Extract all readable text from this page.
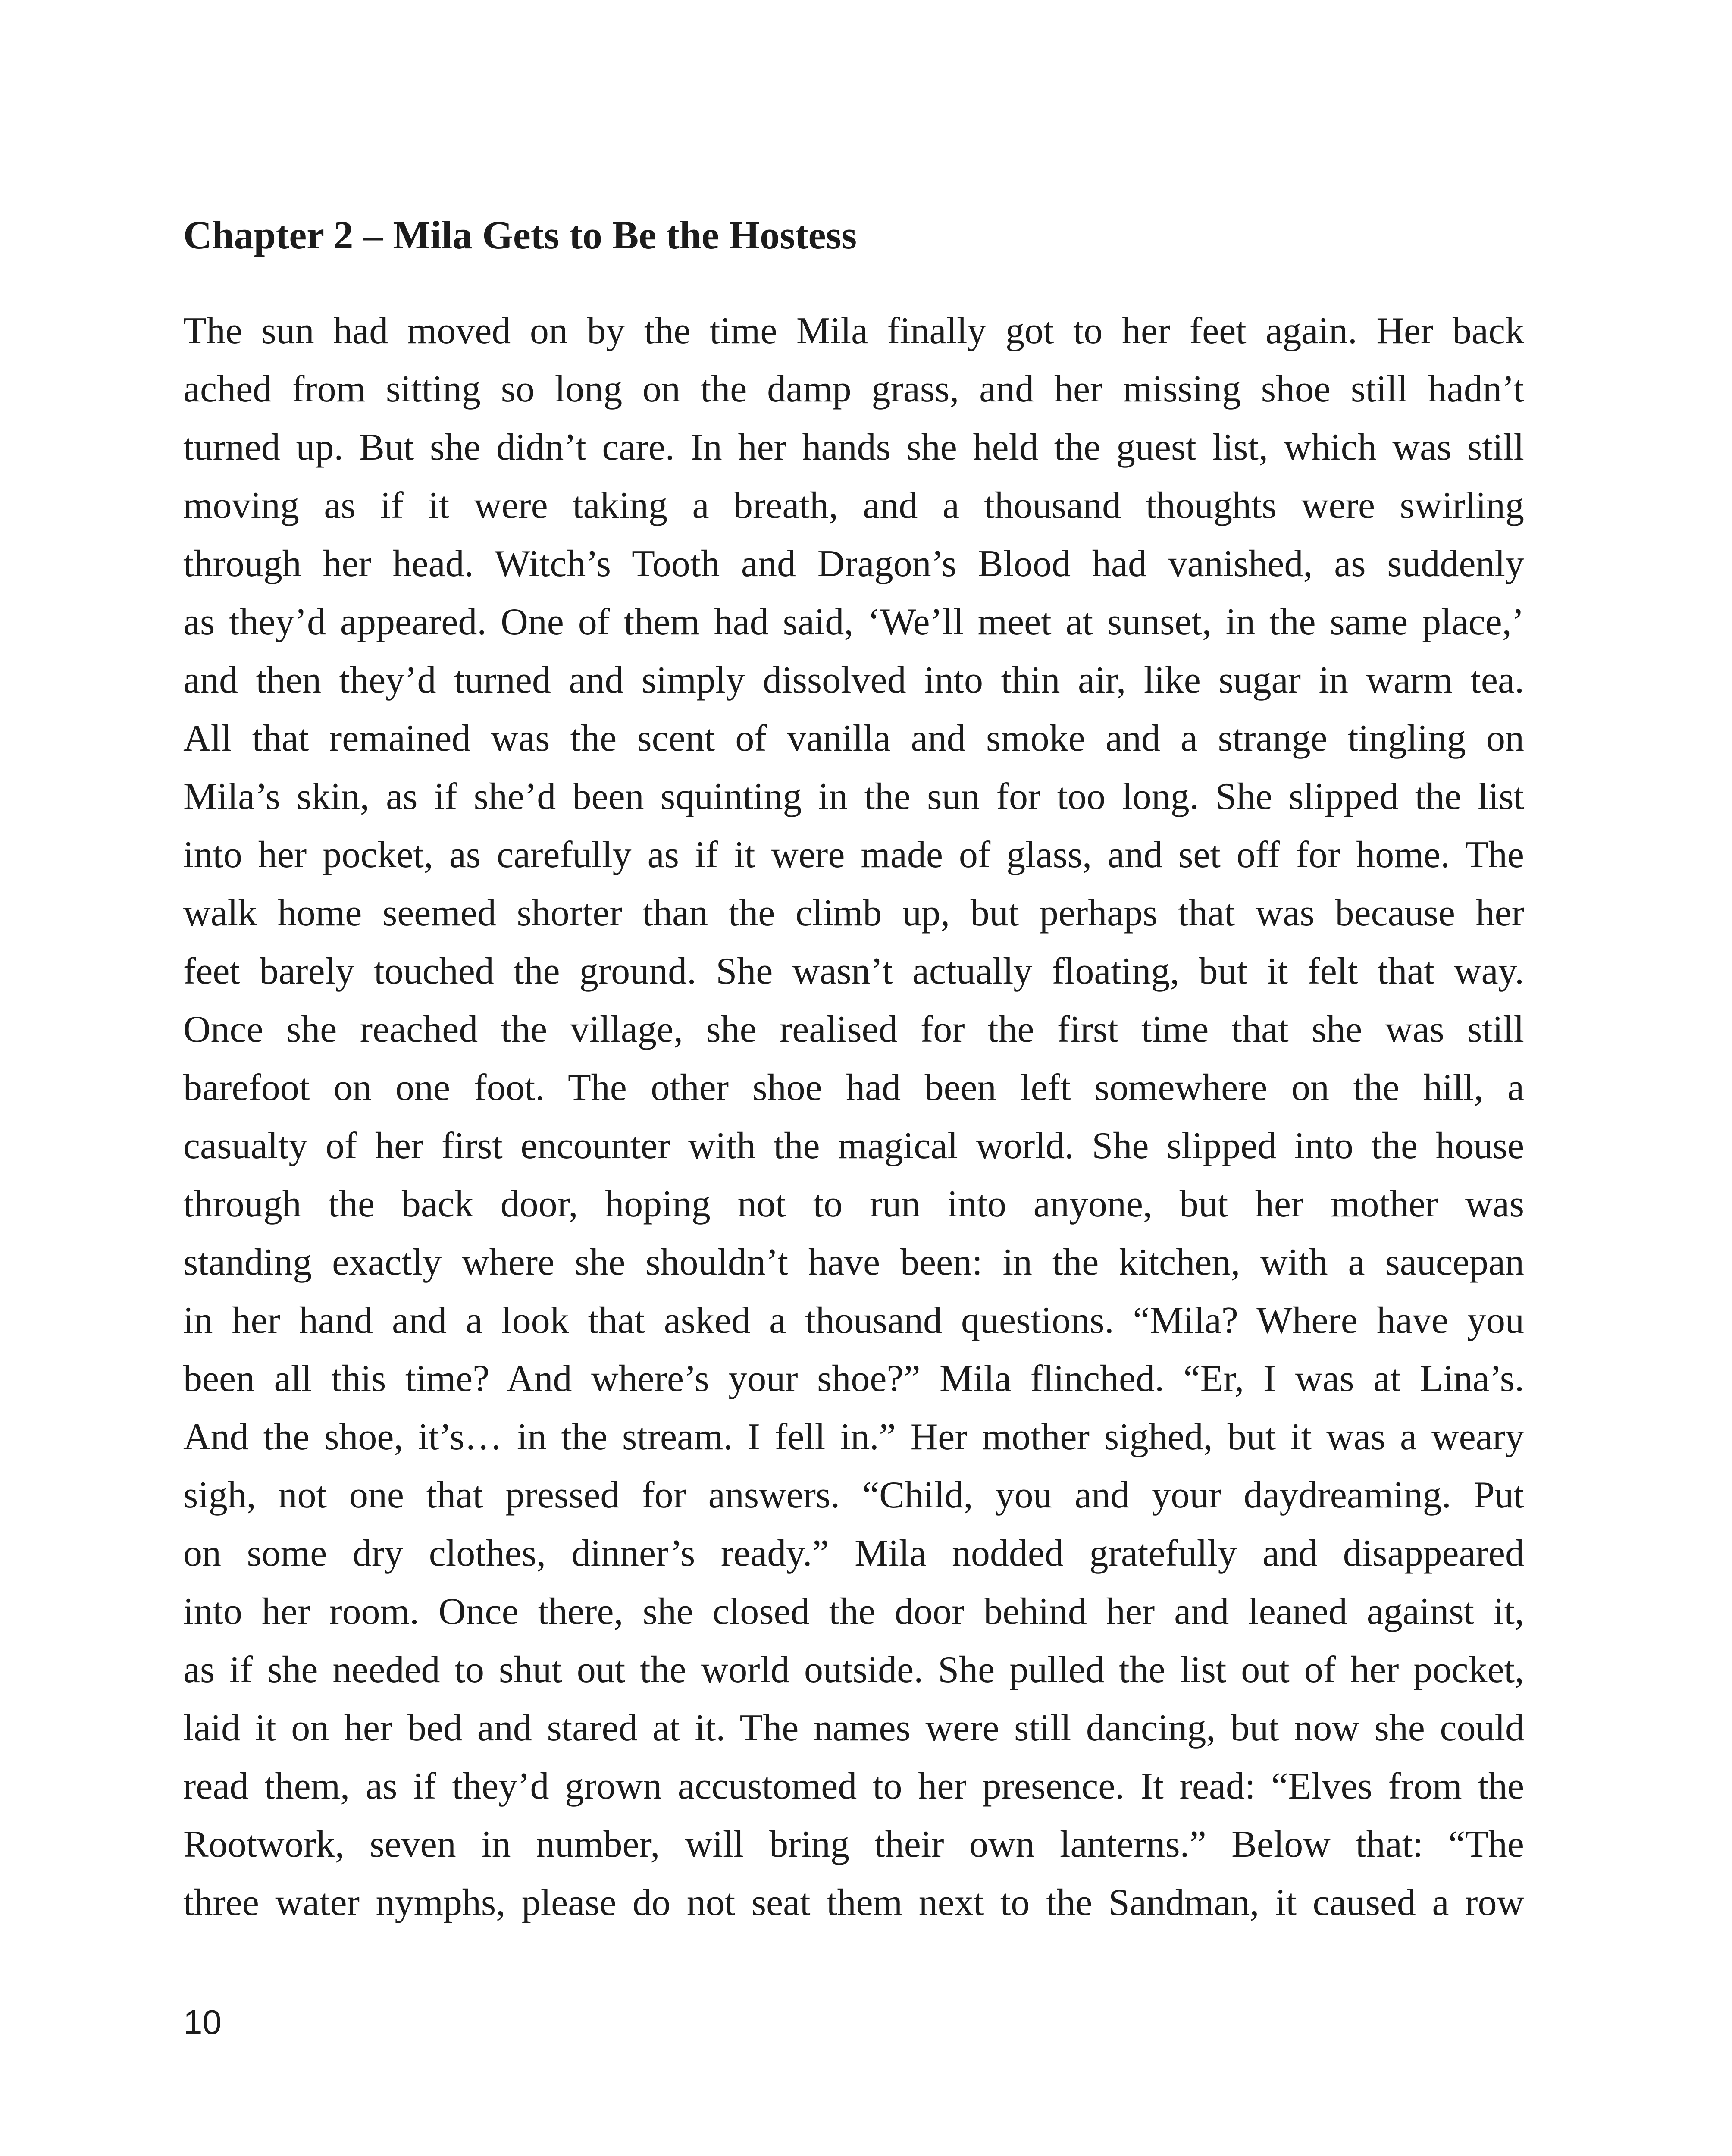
Chapter 2 – Mila Gets to Be the Hostess
The sun had moved on by the time Mila finally got to her feet again. Her back
ached from sitting so long on the damp grass, and her missing shoe still hadn’t
turned up. But she didn’t care. In her hands she held the guest list, which was still
moving as if it were taking a breath, and a thousand thoughts were swirling
through her head. Witch’s Tooth and Dragon’s Blood had vanished, as suddenly
as they’d appeared. One of them had said, ‘We’ll meet at sunset, in the same place,’
and then they’d turned and simply dissolved into thin air, like sugar in warm tea.
All that remained was the scent of vanilla and smoke and a strange tingling on
Mila’s skin, as if she’d been squinting in the sun for too long. She slipped the list
into her pocket, as carefully as if it were made of glass, and set off for home. The
walk home seemed shorter than the climb up, but perhaps that was because her
feet barely touched the ground. She wasn’t actually floating, but it felt that way.
Once she reached the village, she realised for the first time that she was still
barefoot on one foot. The other shoe had been left somewhere on the hill, a
casualty of her first encounter with the magical world. She slipped into the house
through the back door, hoping not to run into anyone, but her mother was
standing exactly where she shouldn’t have been: in the kitchen, with a saucepan
in her hand and a look that asked a thousand questions. “Mila? Where have you
been all this time? And where’s your shoe?” Mila flinched. “Er, I was at Lina’s.
And the shoe, it’s… in the stream. I fell in.” Her mother sighed, but it was a weary
sigh, not one that pressed for answers. “Child, you and your daydreaming. Put
on some dry clothes, dinner’s ready.” Mila nodded gratefully and disappeared
into her room. Once there, she closed the door behind her and leaned against it,
as if she needed to shut out the world outside. She pulled the list out of her pocket,
laid it on her bed and stared at it. The names were still dancing, but now she could
read them, as if they’d grown accustomed to her presence. It read: “Elves from the
Rootwork, seven in number, will bring their own lanterns.” Below that: “The
three water nymphs, please do not seat them next to the Sandman, it caused a row
10
